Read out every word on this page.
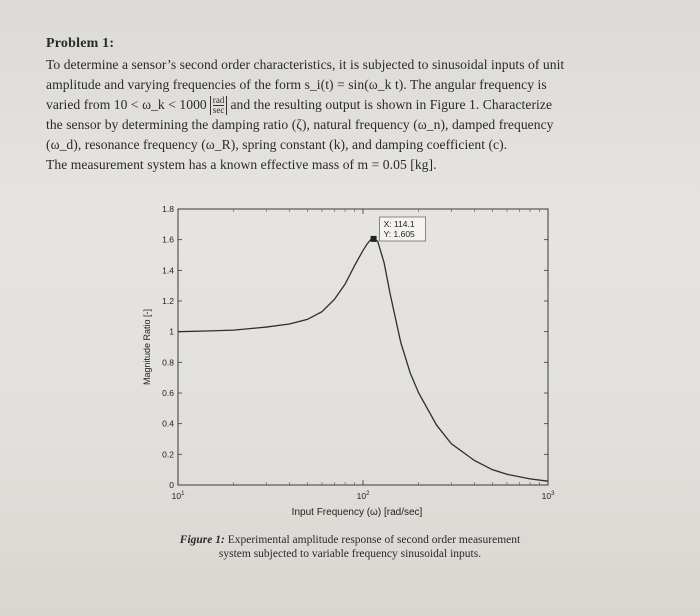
Problem 1:
To determine a sensor’s second order characteristics, it is subjected to sinusoidal inputs of unit
amplitude and varying frequencies of the form s_i(t) = sin(ω_k t). The angular frequency is
varied from 10 < ω_k < $1000 \frac{\text{rad}}{\sec}$ and the resulting output is shown in Figure 1. Characterize
the sensor by determining the damping ratio (ζ), natural frequency (ω_n), damped frequency
(ω_d), resonance frequency (ω_R), spring constant (k), and damping coefficient (c).
The measurement system has a known effective mass of m = 0.05 [kg].
0
0.2
0.4
0.6
0.8
1
1.2
1.4
1.6
1.8
$10^1$	$10^2$	$10^3$
X: 114.1
Y: 1.605
Magnitude Ratio [-]
Input Frequency (ω) [rad/sec]
Figure 1: Experimental amplitude response of second order measurement
system subjected to variable frequency sinusoidal inputs.
